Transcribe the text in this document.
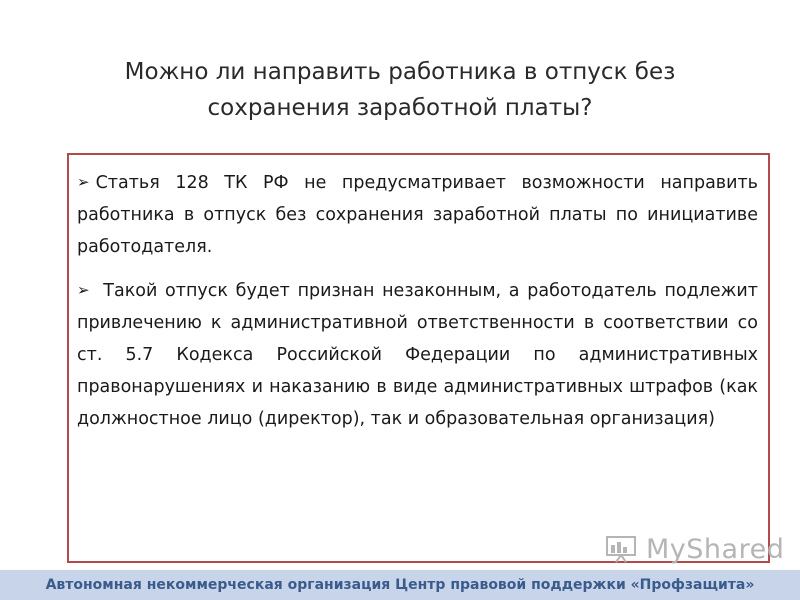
Можно ли направить работника в отпуск без сохранения заработной платы?

➢ Статья 128 ТК РФ не предусматривает возможности направить работника в отпуск без сохранения заработной платы по инициативе работодателя.

➢ Такой отпуск будет признан незаконным, а работодатель подлежит привлечению к административной ответственности в соответствии со ст. 5.7 Кодекса Российской Федерации по административных правонарушениях и наказанию в виде административных штрафов (как должностное лицо (директор), так и образовательная организация)

MyShared
Автономная некоммерческая организация Центр правовой поддержки «Профзащита»
